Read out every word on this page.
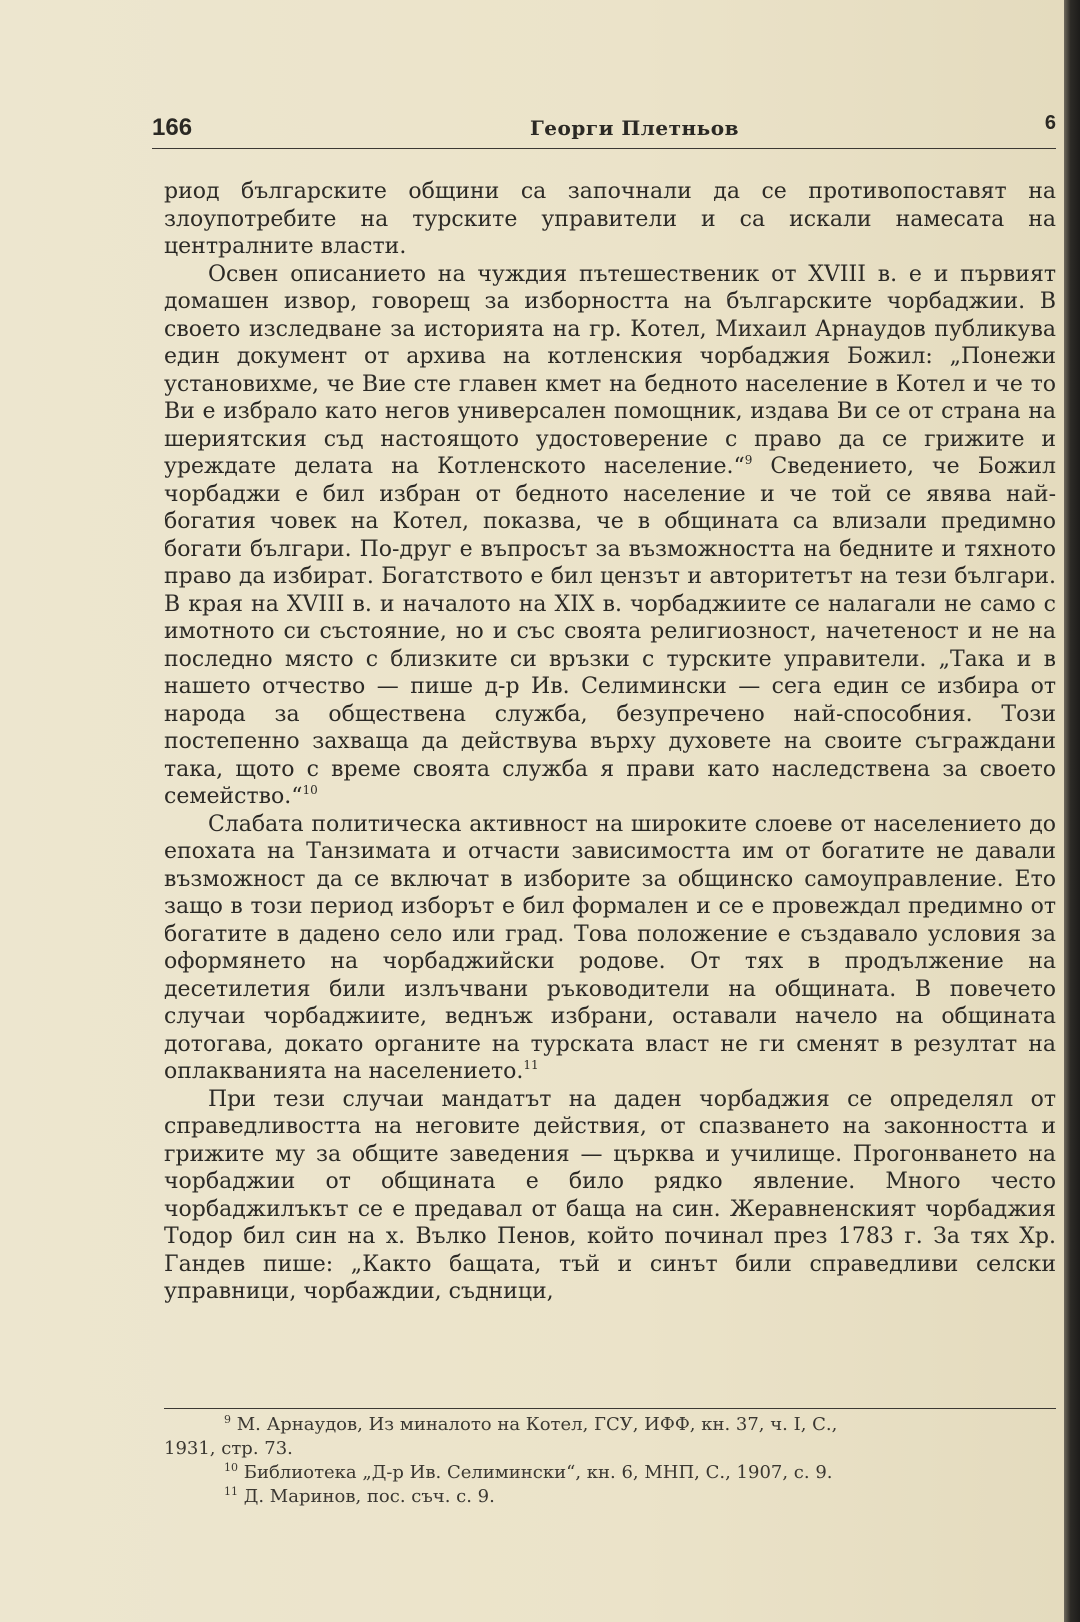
166	Георги Плетньов	6

риод българските общини са започнали да се противопоставят на злоупотребите на турските управители и са искали намесата на централните власти.

Освен описанието на чуждия пътешественик от XVIII в. е и първият домашен извор, говорещ за изборността на българските чорбаджии. В своето изследване за историята на гр. Котел, Михаил Арнаудов публикува един документ от архива на котленския чорбаджия Божил: „Понежи установихме, че Вие сте главен кмет на бедното население в Котел и че то Ви е избрало като негов универсален помощник, издава Ви се от страна на шериятския съд настоящото удостоверение с право да се грижите и уреждате делата на Котленското население.“$^9$ Сведението, че Божил чорбаджи е бил избран от бедното население и че той се явява най-богатия човек на Котел, показва, че в общината са влизали предимно богати българи. По-друг е въпросът за възможността на бедните и тяхното право да избират. Богатството е бил цензът и авторитетът на тези българи. В края на XVIII в. и началото на XIX в. чорбаджиите се налагали не само с имотното си състояние, но и със своята религиозност, начетеност и не на последно място с близките си връзки с турските управители. „Така и в нашето отчество — пише д-р Ив. Селимински — сега един се избира от народа за обществена служба, безупречено най-способния. Този постепенно захваща да действува върху духовете на своите съграждани така, щото с време своята служба я прави като наследствена за своето семейство.“$^{10}$

Слабата политическа активност на широките слоеве от населението до епохата на Танзимата и отчасти зависимостта им от богатите не давали възможност да се включат в изборите за общинско самоуправление. Ето защо в този период изборът е бил формален и се е провеждал предимно от богатите в дадено село или град. Това положение е създавало условия за оформянето на чорбаджийски родове. От тях в продължение на десетилетия били излъчвани ръководители на общината. В повечето случаи чорбаджиите, веднъж избрани, оставали начело на общината дотогава, докато органите на турската власт не ги сменят в резултат на оплакванията на населението.$^{11}$

При тези случаи мандатът на даден чорбаджия се определял от справедливостта на неговите действия, от спазването на законността и грижите му за общите заведения — църква и училище. Прогонването на чорбаджии от общината е било рядко явление. Много често чорбаджилъкът се е предавал от баща на син. Жеравненският чорбаджия Тодор бил син на х. Вълко Пенов, който починал през 1783 г. За тях Хр. Гандев пише: „Както бащата, тъй и синът били справедливи селски управници, чорбаждии, съдници,

$^9$ М. Арнаудов, Из миналото на Котел, ГСУ, ИФФ, кн. 37, ч. I, С.,
1931, стр. 73.
$^{10}$ Библиотека „Д-р Ив. Селимински“, кн. 6, МНП, С., 1907, с. 9.
$^{11}$ Д. Маринов, пос. съч. с. 9.
